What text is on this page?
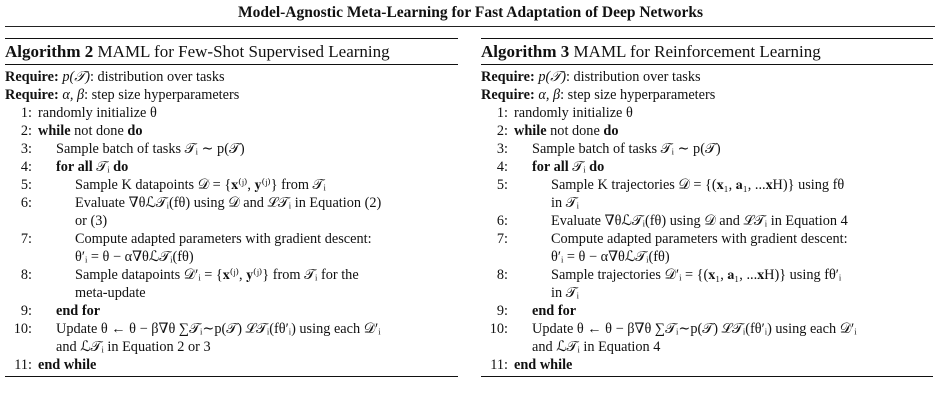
Model-Agnostic Meta-Learning for Fast Adaptation of Deep Networks
Algorithm 2 MAML for Few-Shot Supervised Learning
Require: p(𝒯): distribution over tasks
Require: α, β: step size hyperparameters
1: randomly initialize θ
2: while not done do
3: Sample batch of tasks 𝒯ᵢ ∼ p(𝒯)
4: for all 𝒯ᵢ do
5:	Sample K datapoints 𝒟 = {𝐱⁽ʲ⁾, 𝐲⁽ʲ⁾} from 𝒯ᵢ
6:	Evaluate ∇θℒ𝒯ᵢ(fθ) using 𝒟 and ℒ𝒯ᵢ in Equation (2)
or (3)
7:	Compute adapted parameters with gradient descent:
θ′ᵢ = θ − α∇θℒ𝒯ᵢ(fθ)
8:	Sample datapoints 𝒟′ᵢ = {𝐱⁽ʲ⁾, 𝐲⁽ʲ⁾} from 𝒯ᵢ for the
meta-update
9: end for
10: Update θ ← θ − β∇θ ∑𝒯ᵢ∼p(𝒯) ℒ𝒯ᵢ(fθ′ᵢ) using each 𝒟′ᵢ
and ℒ𝒯ᵢ in Equation 2 or 3
11: end while
Algorithm 3 MAML for Reinforcement Learning
Require: p(𝒯): distribution over tasks
Require: α, β: step size hyperparameters
1: randomly initialize θ
2: while not done do
3: Sample batch of tasks 𝒯ᵢ ∼ p(𝒯)
4: for all 𝒯ᵢ do
5:	Sample K trajectories 𝒟 = {(𝐱₁, 𝐚₁, ...𝐱H)} using fθ
in 𝒯ᵢ
6:	Evaluate ∇θℒ𝒯ᵢ(fθ) using 𝒟 and ℒ𝒯ᵢ in Equation 4
7:	Compute adapted parameters with gradient descent:
θ′ᵢ = θ − α∇θℒ𝒯ᵢ(fθ)
8:	Sample trajectories 𝒟′ᵢ = {(𝐱₁, 𝐚₁, ...𝐱H)} using fθ′ᵢ
in 𝒯ᵢ
9: end for
10: Update θ ← θ − β∇θ ∑𝒯ᵢ∼p(𝒯) ℒ𝒯ᵢ(fθ′ᵢ) using each 𝒟′ᵢ
and ℒ𝒯ᵢ in Equation 4
11: end while
